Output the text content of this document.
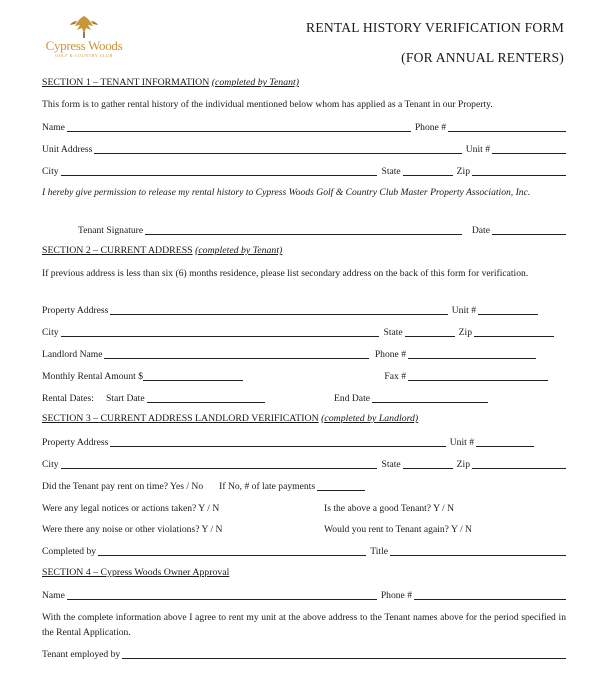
Cypress Woods
GOLF & COUNTRY CLUB
RENTAL HISTORY VERIFICATION FORM
(FOR ANNUAL RENTERS)
SECTION 1 – TENANT INFORMATION (completed by Tenant)
This form is to gather rental history of the individual mentioned below whom has applied as a Tenant in our Property.
Name	Phone #
Unit Address	Unit #
City	State	Zip
I hereby give permission to release my rental history to Cypress Woods Golf & Country Club Master Property Association, Inc.
Tenant Signature	Date
SECTION 2 – CURRENT ADDRESS (completed by Tenant)
If previous address is less than six (6) months residence, please list secondary address on the back of this form for verification.
Property Address	Unit #
City	State	Zip
Landlord Name	Phone #
Monthly Rental Amount $	Fax #
Rental Dates: Start Date	End Date
SECTION 3 – CURRENT ADDRESS LANDLORD VERIFICATION (completed by Landlord)
Property Address	Unit #
City	State	Zip
Did the Tenant pay rent on time? Yes / No If No, # of late payments
Were any legal notices or actions taken? Y / N	Is the above a good Tenant? Y / N
Were there any noise or other violations? Y / N	Would you rent to Tenant again? Y / N
Completed by	Title
SECTION 4 – Cypress Woods Owner Approval
Name	Phone #
With the complete information above I agree to rent my unit at the above address to the Tenant names above for the period specified in the Rental Application.
Tenant employed by
